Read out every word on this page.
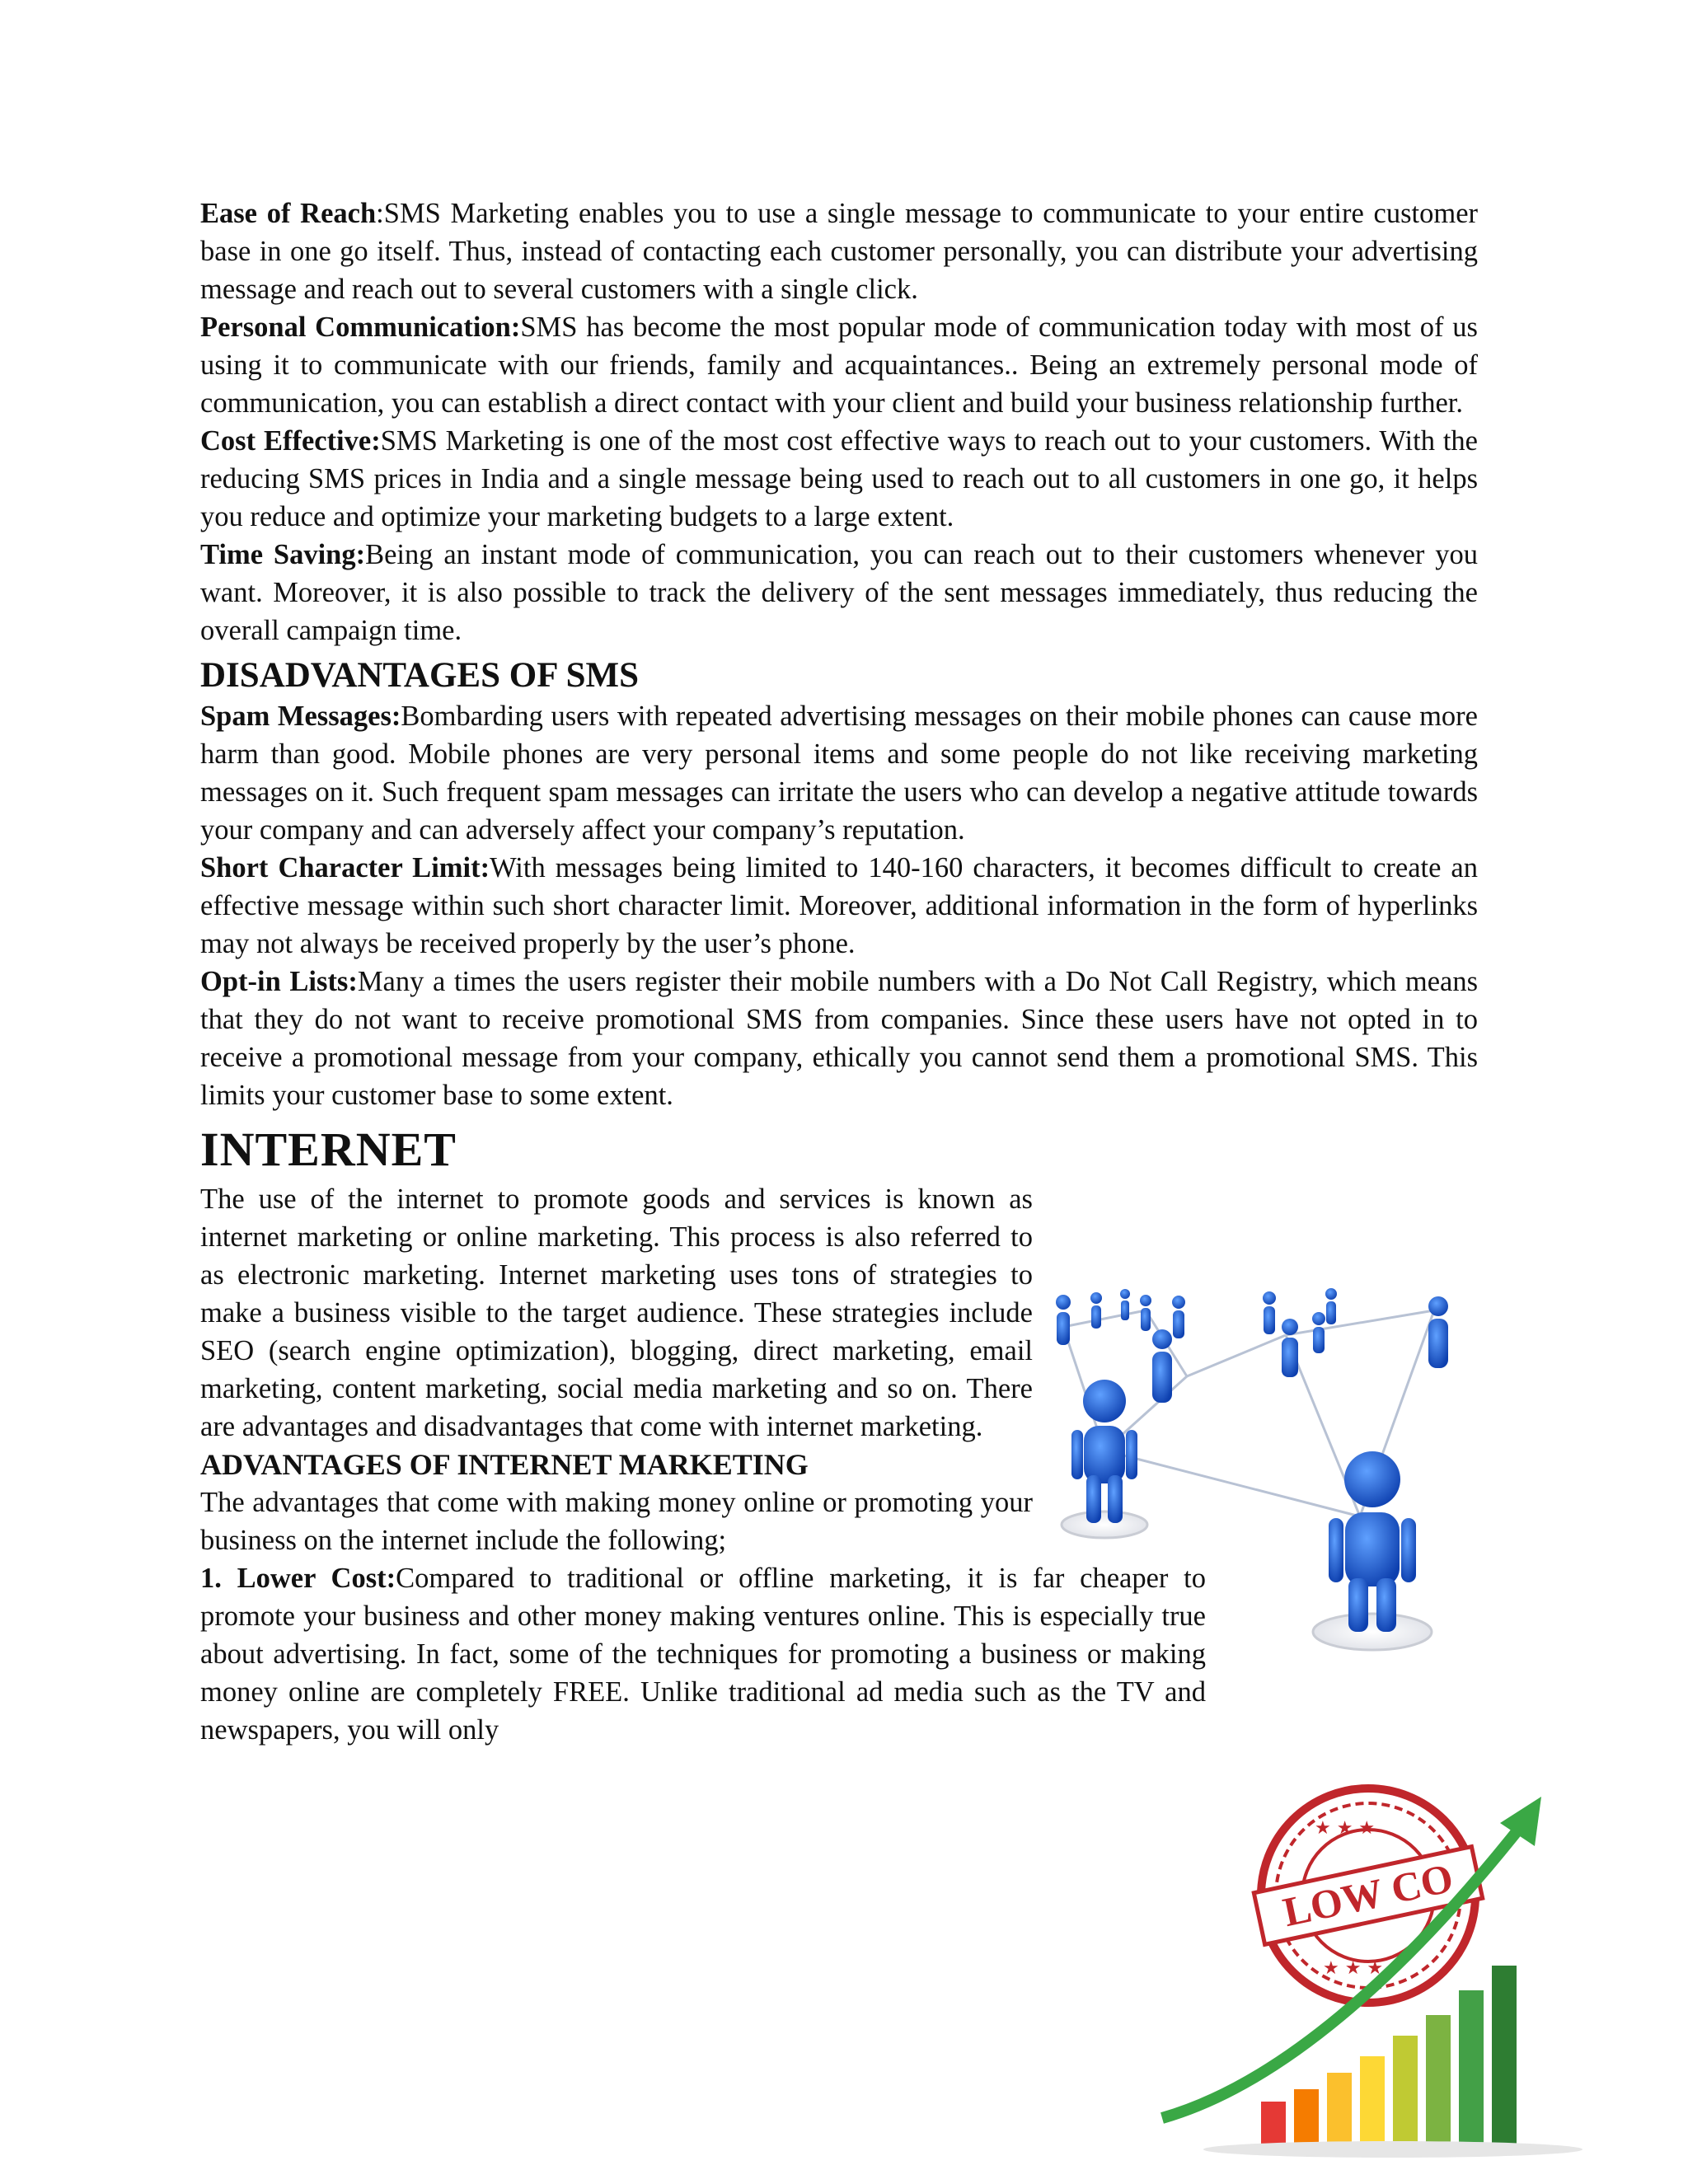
Ease of Reach:SMS Marketing enables you to use a single message to communicate to your entire customer base in one go itself. Thus, instead of contacting each customer personally, you can distribute your advertising message and reach out to several customers with a single click.

Personal Communication:SMS has become the most popular mode of communication today with most of us using it to communicate with our friends, family and acquaintances.. Being an extremely personal mode of communication, you can establish a direct contact with your client and build your business relationship further.

Cost Effective:SMS Marketing is one of the most cost effective ways to reach out to your customers. With the reducing SMS prices in India and a single message being used to reach out to all customers in one go, it helps you reduce and optimize your marketing budgets to a large extent.

Time Saving:Being an instant mode of communication, you can reach out to their customers whenever you want. Moreover, it is also possible to track the delivery of the sent messages immediately, thus reducing the overall campaign time.

DISADVANTAGES OF SMS

Spam Messages:Bombarding users with repeated advertising messages on their mobile phones can cause more harm than good. Mobile phones are very personal items and some people do not like receiving marketing messages on it. Such frequent spam messages can irritate the users who can develop a negative attitude towards your company and can adversely affect your company’s reputation.

Short Character Limit:With messages being limited to 140-160 characters, it becomes difficult to create an effective message within such short character limit. Moreover, additional information in the form of hyperlinks may not always be received properly by the user’s phone.

Opt-in Lists:Many a times the users register their mobile numbers with a Do Not Call Registry, which means that they do not want to receive promotional SMS from companies. Since these users have not opted in to receive a promotional message from your company, ethically you cannot send them a promotional SMS. This limits your customer base to some extent.

INTERNET

The use of the internet to promote goods and services is known as internet marketing or online marketing. This process is also referred to as electronic marketing. Internet marketing uses tons of strategies to make a business visible to the target audience. These strategies include SEO (search engine optimization), blogging, direct marketing, email marketing, content marketing, social media marketing and so on. There are advantages and disadvantages that come with internet marketing.

ADVANTAGES OF INTERNET MARKETING

The advantages that come with making money online or promoting your business on the internet include the following;

1. Lower Cost:Compared to traditional or offline marketing, it is far cheaper to promote your business and other money making ventures online. This is especially true about advertising. In fact, some of the techniques for promoting a business or making money online are completely FREE. Unlike traditional ad media such as the TV and newspapers, you will only

LOW CO
★ ★ ★
★ ★ ★
